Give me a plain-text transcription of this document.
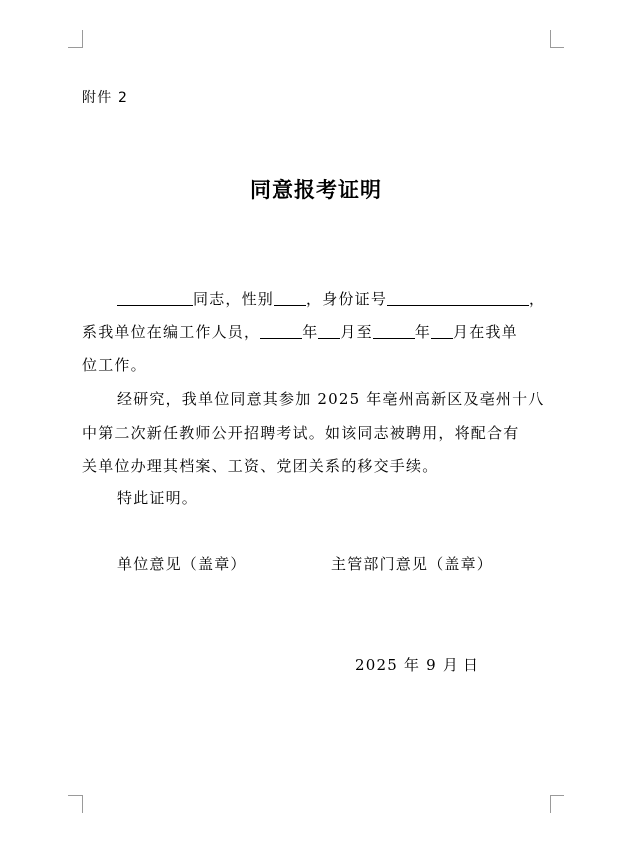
附件 2
同意报考证明
同志，性别 ，身份证号	，
系我单位在编工作人员，	年 月至	年 月在我单
位工作。
经研究，我单位同意其参加 2025 年亳州高新区及亳州十八
中第二次新任教师公开招聘考试。如该同志被聘用，将配合有
关单位办理其档案、工资、党团关系的移交手续。
特此证明。
单位意见（盖章）	主管部门意见（盖章）
2025 年 9 月 日
